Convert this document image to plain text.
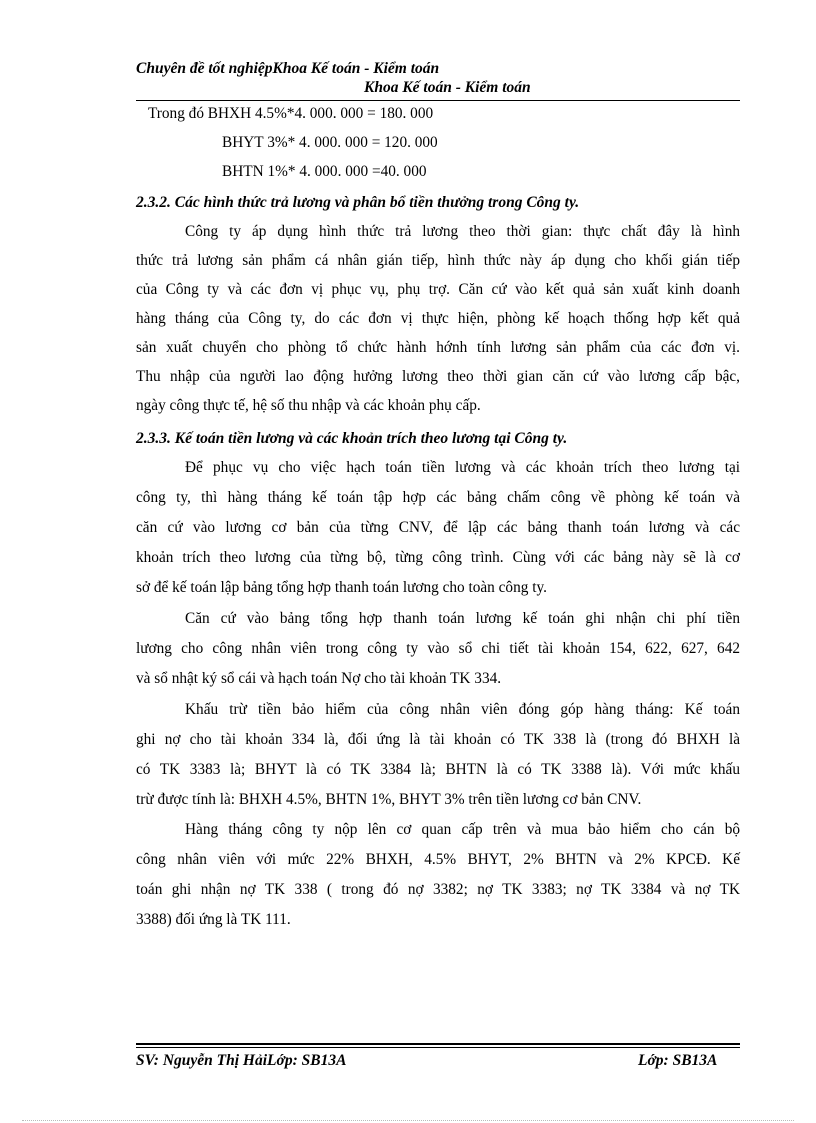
Chuyên đề tốt nghiệpKhoa Kế toán - Kiểm toán
Khoa Kế toán - Kiểm toán
Trong đó BHXH 4.5%*4. 000. 000 = 180. 000
BHYT 3%* 4. 000. 000 = 120. 000
BHTN 1%* 4. 000. 000 =40. 000
2.3.2. Các hình thức trả lương và phân bổ tiền thưởng trong Công ty.
Công ty áp dụng hình thức trả lương theo thời gian: thực chất đây là hình
thức trả lương sản phẩm cá nhân gián tiếp, hình thức này áp dụng cho khối gián tiếp
của Công ty và các đơn vị phục vụ, phụ trợ. Căn cứ vào kết quả sản xuất kinh doanh
hàng tháng của Công ty, do các đơn vị thực hiện, phòng kế hoạch thống hợp kết quả
sản xuất chuyển cho phòng tổ chức hành hớnh tính lương sản phẩm của các đơn vị.
Thu nhập của người lao động hưởng lương theo thời gian căn cứ vào lương cấp bậc,
ngày công thực tế, hệ số thu nhập và các khoản phụ cấp.
2.3.3. Kế toán tiền lương và các khoản trích theo lương tại Công ty.
Để phục vụ cho việc hạch toán tiền lương và các khoản trích theo lương tại
công ty, thì hàng tháng kế toán tập hợp các bảng chấm công về phòng kế toán và
căn cứ vào lương cơ bản của từng CNV, để lập các bảng thanh toán lương và các
khoản trích theo lương của từng bộ, từng công trình. Cùng với các bảng này sẽ là cơ
sở để kế toán lập bảng tổng hợp thanh toán lương cho toàn công ty.
Căn cứ vào bảng tổng hợp thanh toán lương kế toán ghi nhận chi phí tiền
lương cho công nhân viên trong công ty vào sổ chi tiết tài khoản 154, 622, 627, 642
và sổ nhật ký sổ cái và hạch toán Nợ cho tài khoản TK 334.
Khấu trừ tiền bảo hiểm của công nhân viên đóng góp hàng tháng: Kế toán
ghi nợ cho tài khoản 334 là, đối ứng là tài khoản có TK 338 là (trong đó BHXH là
có TK 3383 là; BHYT là có TK 3384 là; BHTN là có TK 3388 là). Với mức khấu
trừ được tính là: BHXH 4.5%, BHTN 1%, BHYT 3% trên tiền lương cơ bản CNV.
Hàng tháng công ty nộp lên cơ quan cấp trên và mua bảo hiểm cho cán bộ
công nhân viên với mức 22% BHXH, 4.5% BHYT, 2% BHTN và 2% KPCĐ. Kế
toán ghi nhận nợ TK 338 ( trong đó nợ 3382; nợ TK 3383; nợ TK 3384 và nợ TK
3388) đối ứng là TK 111.
SV: Nguyễn Thị HảiLớp: SB13A	Lớp: SB13A
